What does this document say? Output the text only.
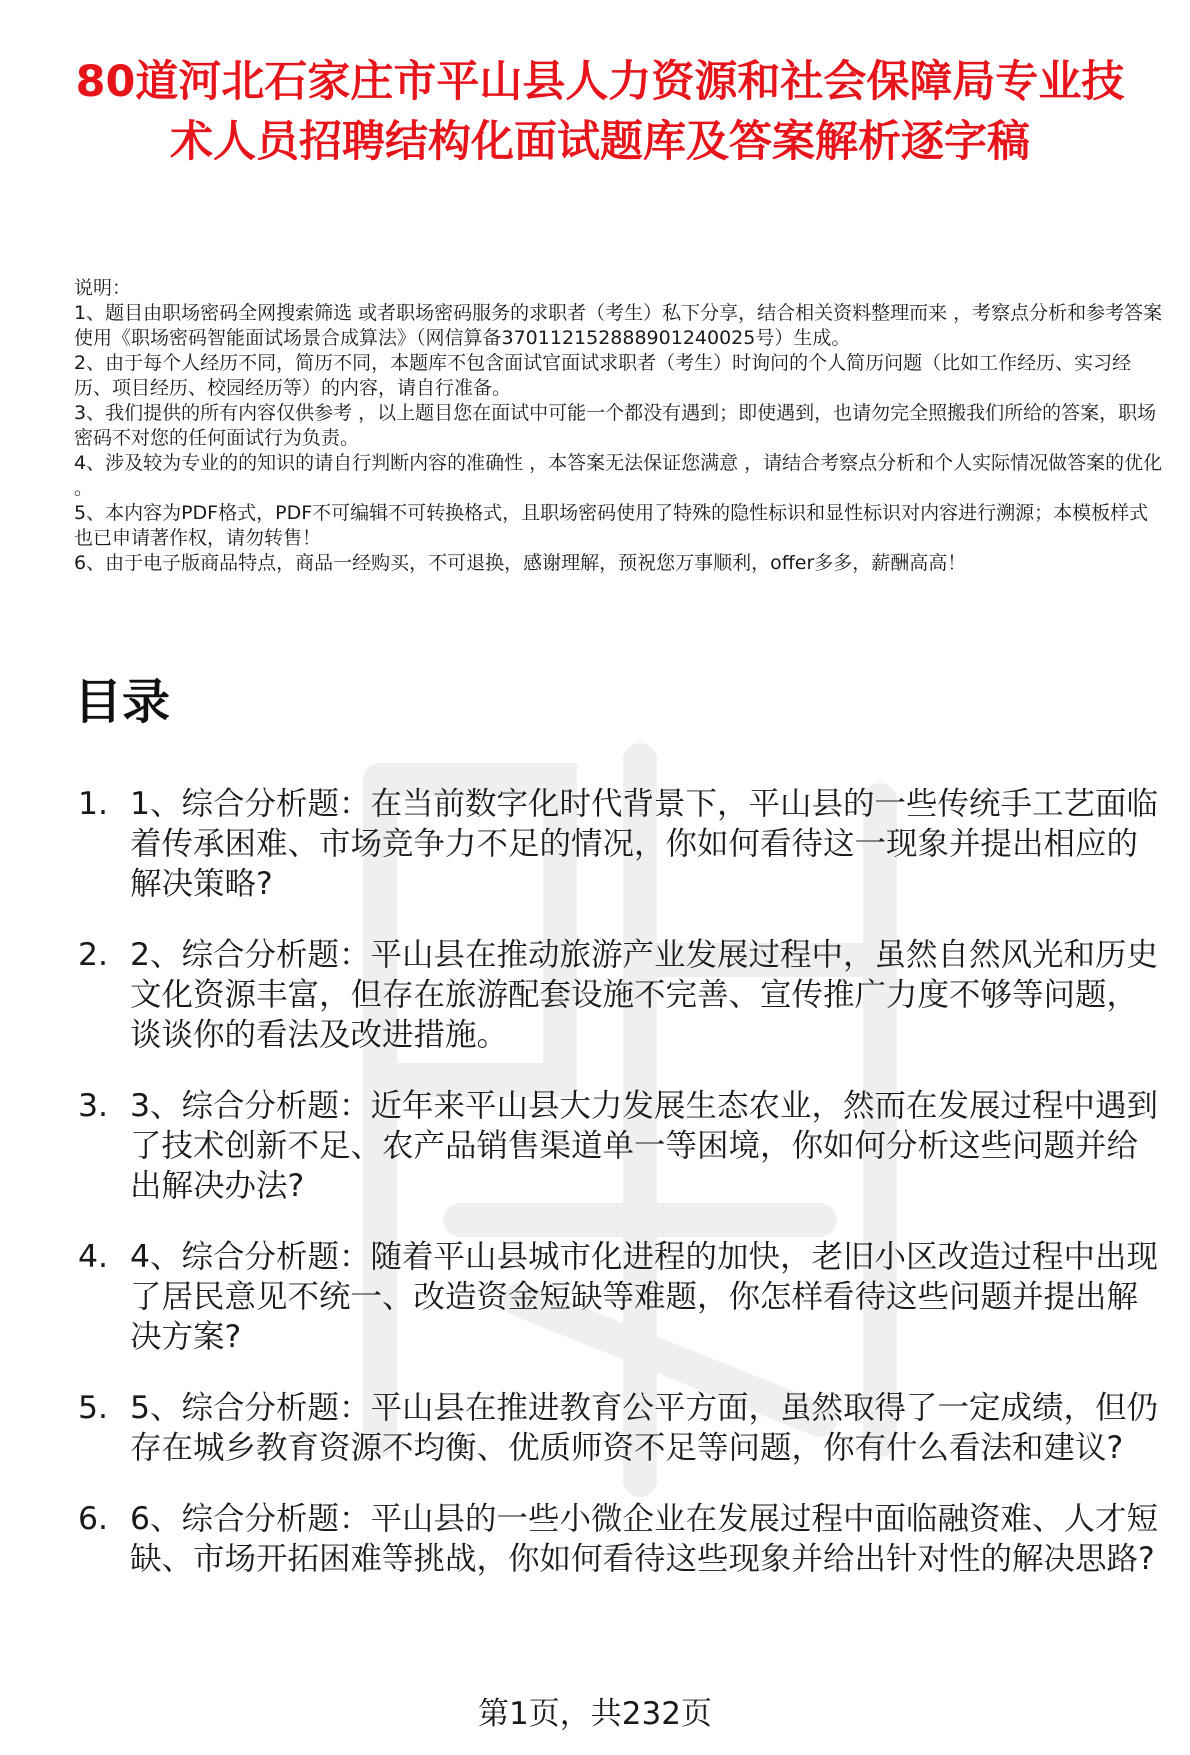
80道河北石家庄市平山县人力资源和社会保障局专业技术人员招聘结构化面试题库及答案解析逐字稿

说明：

1、题目由职场密码全网搜索筛选 或者职场密码服务的求职者（考生）私下分享，结合相关资料整理而来 ，考察点分析和参考答案使用《职场密码智能面试场景合成算法》（网信算备370112152888901240025号）生成。

2、由于每个人经历不同，简历不同，本题库不包含面试官面试求职者（考生）时询问的个人简历问题（比如工作经历、实习经历、项目经历、校园经历等）的内容，请自行准备。

3、我们提供的所有内容仅供参考 ，以上题目您在面试中可能一个都没有遇到；即使遇到，也请勿完全照搬我们所给的答案，职场密码不对您的任何面试行为负责。

4、涉及较为专业的的知识的请自行判断内容的准确性 ，本答案无法保证您满意 ，请结合考察点分析和个人实际情况做答案的优化 。

5、本内容为PDF格式，PDF不可编辑不可转换格式，且职场密码使用了特殊的隐性标识和显性标识对内容进行溯源；本模板样式也已申请著作权，请勿转售！

6、由于电子版商品特点，商品一经购买，不可退换，感谢理解，预祝您万事顺利，offer多多，薪酬高高！

目录
1. 1、综合分析题：在当前数字化时代背景下，平山县的一些传统手工艺面临着传承困难、市场竞争力不足的情况，你如何看待这一现象并提出相应的解决策略?
2. 2、综合分析题：平山县在推动旅游产业发展过程中，虽然自然风光和历史文化资源丰富，但存在旅游配套设施不完善、宣传推广力度不够等问题，谈谈你的看法及改进措施。
3. 3、综合分析题：近年来平山县大力发展生态农业，然而在发展过程中遇到了技术创新不足、农产品销售渠道单一等困境，你如何分析这些问题并给出解决办法?
4. 4、综合分析题：随着平山县城市化进程的加快，老旧小区改造过程中出现了居民意见不统一、改造资金短缺等难题，你怎样看待这些问题并提出解决方案?
5. 5、综合分析题：平山县在推进教育公平方面，虽然取得了一定成绩，但仍存在城乡教育资源不均衡、优质师资不足等问题，你有什么看法和建议?
6. 6、综合分析题：平山县的一些小微企业在发展过程中面临融资难、人才短缺、市场开拓困难等挑战，你如何看待这些现象并给出针对性的解决思路?
第1页，共232页
